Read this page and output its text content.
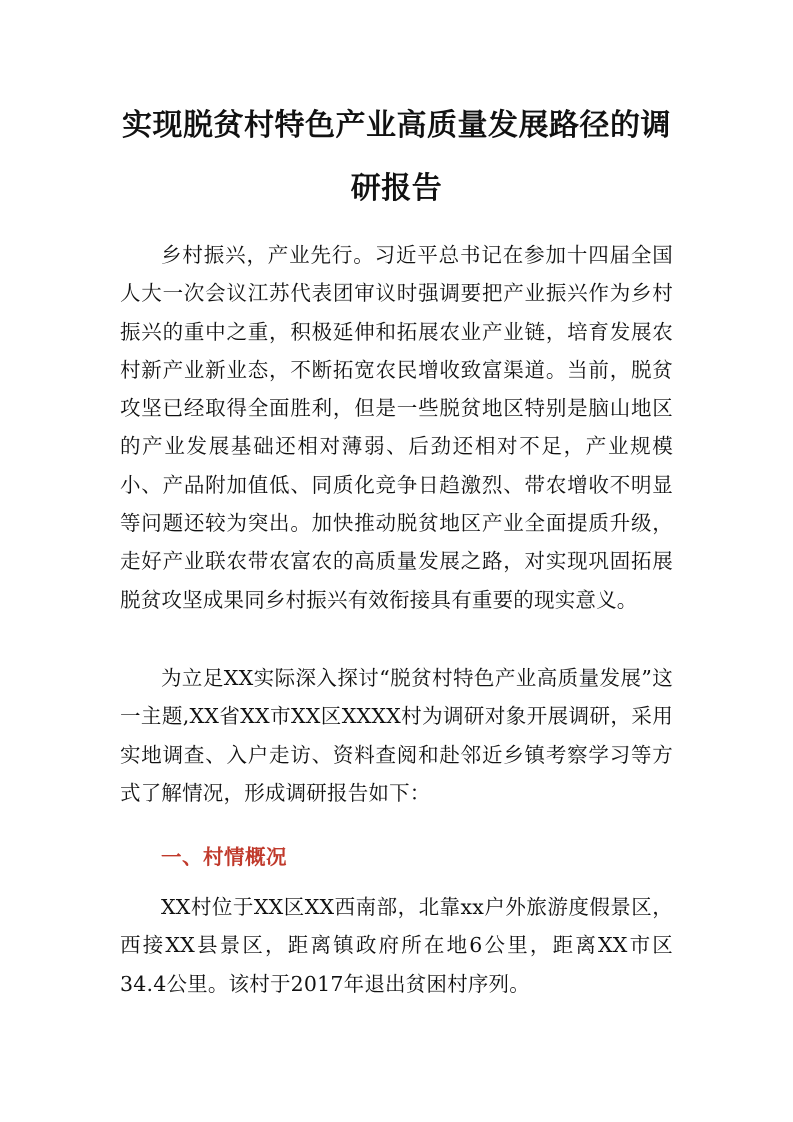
实现脱贫村特色产业高质量发展路径的调
研报告

乡村振兴，产业先行。习近平总书记在参加十四届全国人大一次会议江苏代表团审议时强调要把产业振兴作为乡村振兴的重中之重，积极延伸和拓展农业产业链，培育发展农村新产业新业态，不断拓宽农民增收致富渠道。当前，脱贫攻坚已经取得全面胜利，但是一些脱贫地区特别是脑山地区的产业发展基础还相对薄弱、后劲还相对不足，产业规模小、产品附加值低、同质化竞争日趋激烈、带农增收不明显等问题还较为突出。加快推动脱贫地区产业全面提质升级，走好产业联农带农富农的高质量发展之路，对实现巩固拓展脱贫攻坚成果同乡村振兴有效衔接具有重要的现实意义。

为立足XX实际深入探讨“脱贫村特色产业高质量发展”这一主题,XX省XX市XX区XXXX村为调研对象开展调研，采用实地调查、入户走访、资料查阅和赴邻近乡镇考察学习等方式了解情况，形成调研报告如下：

一、村情概况

XX村位于XX区XX西南部，北靠xx户外旅游度假景区，西接XX县景区，距离镇政府所在地6公里，距离XX市区34.4公里。该村于2017年退出贫困村序列。
